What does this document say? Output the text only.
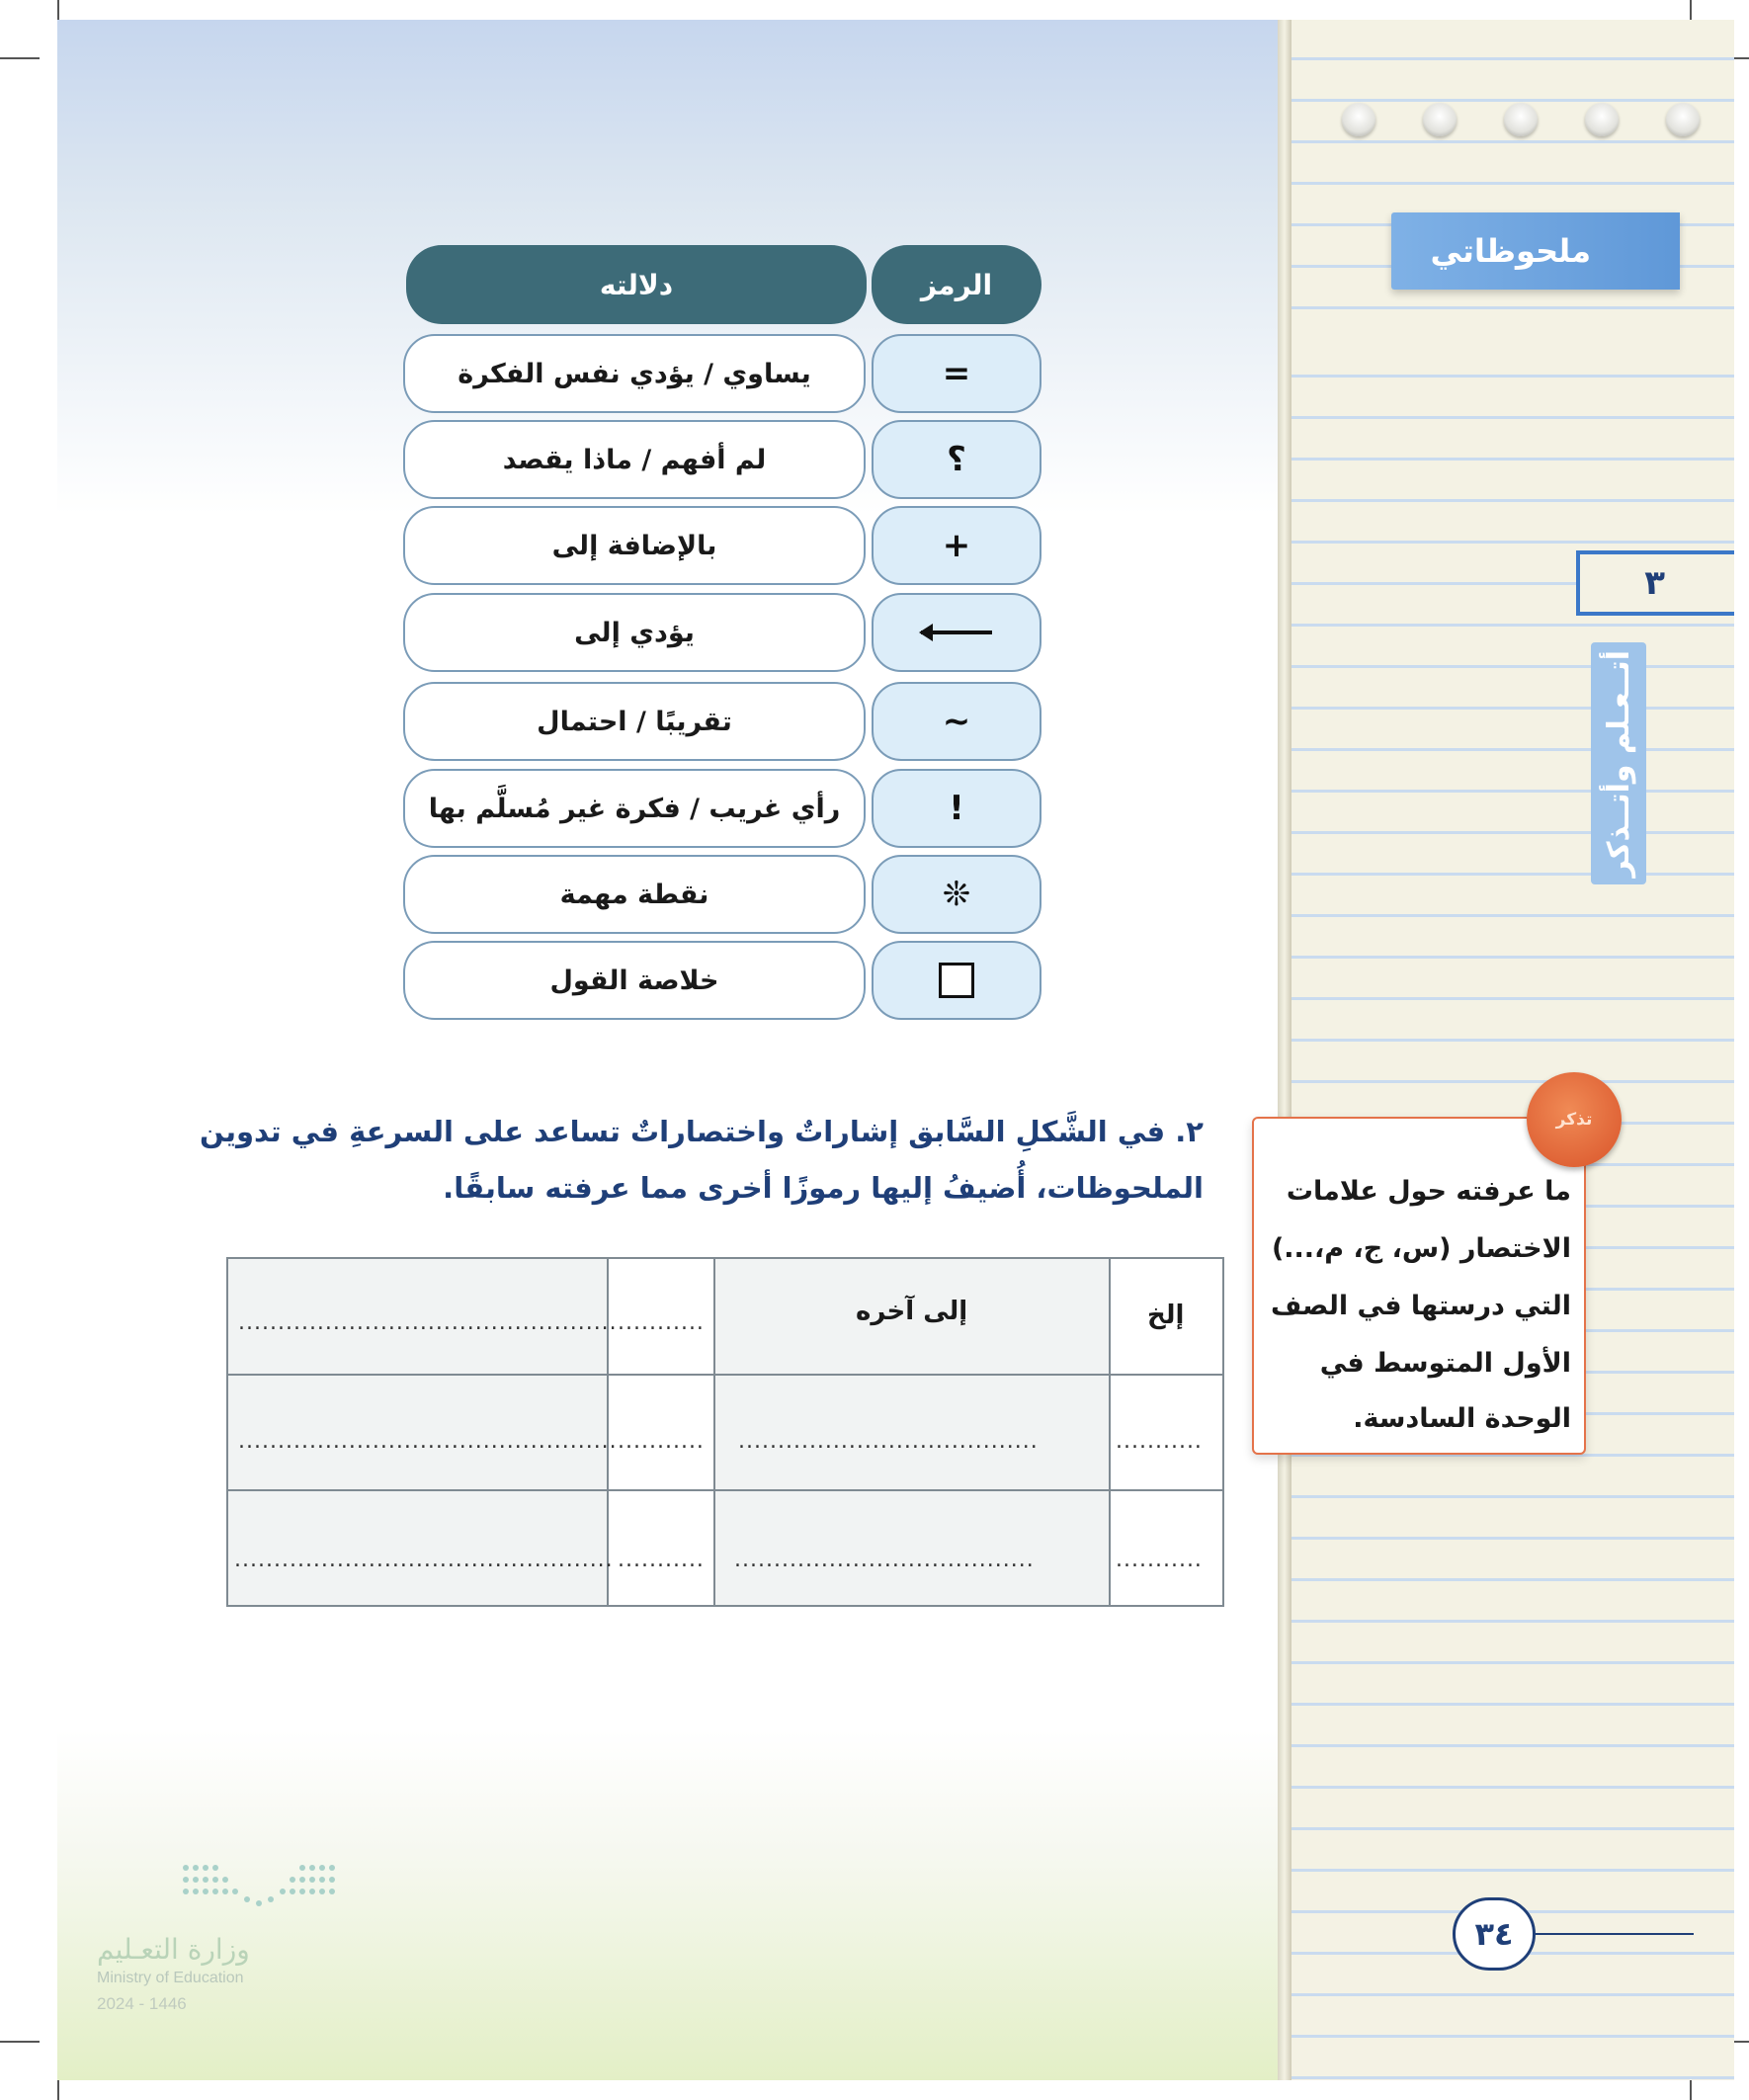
ملحوظاتي
٣
أتــعـلم وأتــذكر
الرمز
دلالته
=
يساوي / يؤدي نفس الفكرة
؟
لم أفهم / ماذا يقصد
+
بالإضافة إلى
يؤدي إلى
~
تقريبًا / احتمال
!
رأي غريب / فكرة غير مُسلَّم بها
❊
نقطة مهمة
خلاصة القول
٢. في الشَّكلِ السَّابق إشاراتٌ واختصاراتٌ تساعد على السرعةِ في تدوين
الملحوظات، أُضيفُ إليها رموزًا أخرى مما عرفته سابقًا.
إلخ
إلى آخره
................................................ ...........
................................................ ........... ......................................	...........
................................................ ........... ......................................	...........
تذكر
ما عرفته حول علامات
الاختصار (س، ج، م،...)
التي درستها في الصف
الأول المتوسط في
الوحدة السادسة.
٣٤
وزارة التعـليم
Ministry of Education
2024 - 1446
